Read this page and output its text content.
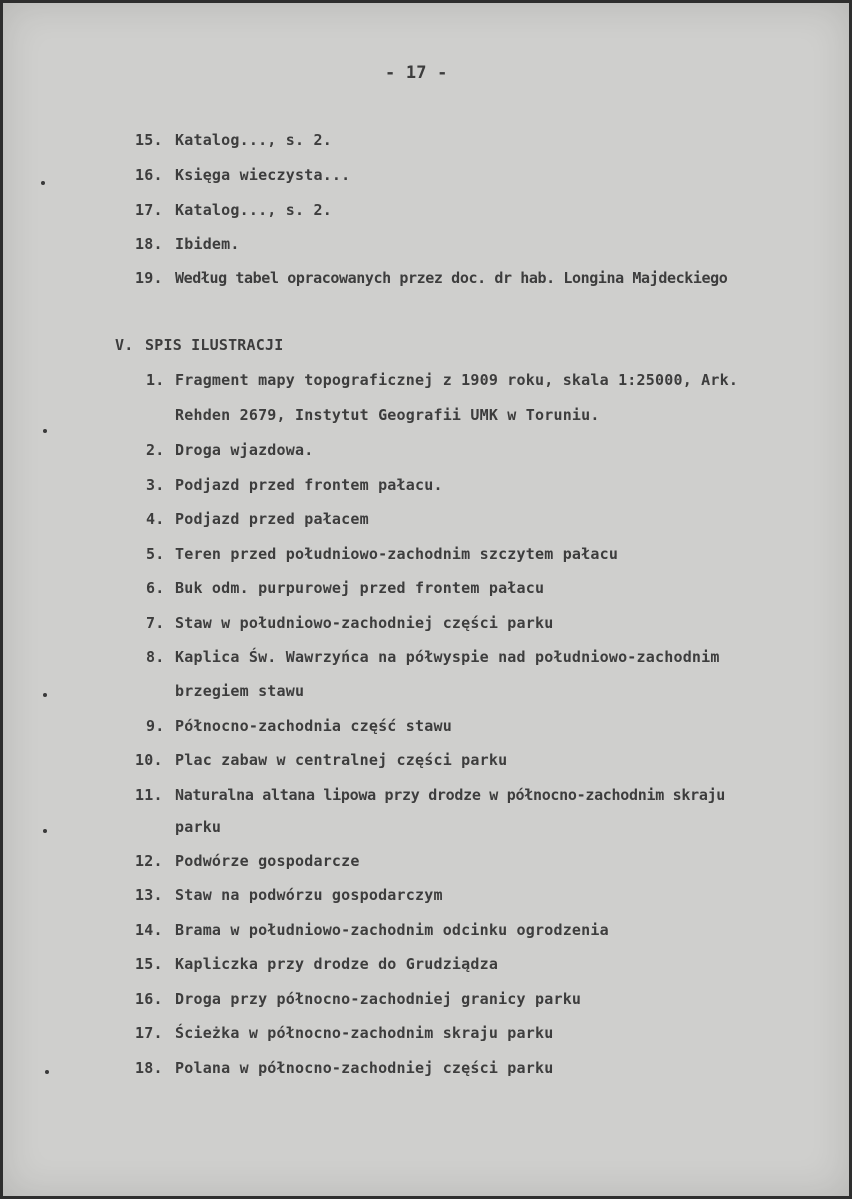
- 17 -
15. Katalog..., s. 2.
16. Księga wieczysta...
17. Katalog..., s. 2.
18. Ibidem.
19. Według tabel opracowanych przez doc. dr hab. Longina Majdeckiego
V. SPIS ILUSTRACJI
1. Fragment mapy topograficznej z 1909 roku, skala 1:25000, Ark.
Rehden 2679, Instytut Geografii UMK w Toruniu.
2. Droga wjazdowa.
3. Podjazd przed frontem pałacu.
4. Podjazd przed pałacem
5. Teren przed południowo-zachodnim szczytem pałacu
6. Buk odm. purpurowej przed frontem pałacu
7. Staw w południowo-zachodniej części parku
8. Kaplica Św. Wawrzyńca na półwyspie nad południowo-zachodnim
brzegiem stawu
9. Północno-zachodnia część stawu
10. Plac zabaw w centralnej części parku
11. Naturalna altana lipowa przy drodze w północno-zachodnim skraju
parku
12. Podwórze gospodarcze
13. Staw na podwórzu gospodarczym
14. Brama w południowo-zachodnim odcinku ogrodzenia
15. Kapliczka przy drodze do Grudziądza
16. Droga przy północno-zachodniej granicy parku
17. Ścieżka w północno-zachodnim skraju parku
18. Polana w północno-zachodniej części parku
